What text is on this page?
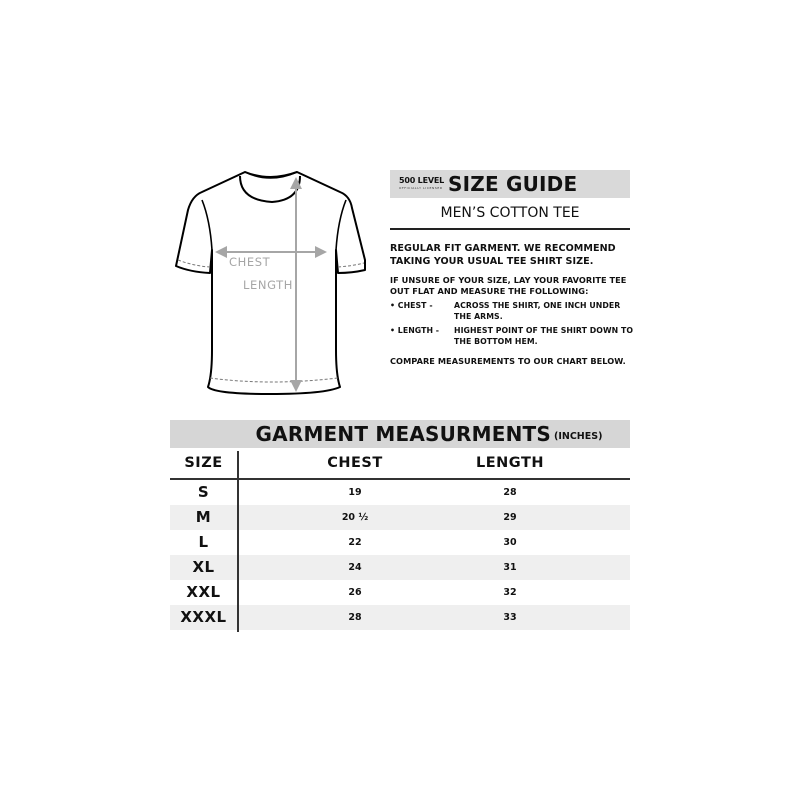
CHEST
LENGTH
500 LEVEL
OFFICIALLY LICENSED SIZE GUIDE
MEN’S COTTON TEE
REGULAR FIT GARMENT. WE RECOMMEND
TAKING YOUR USUAL TEE SHIRT SIZE.
IF UNSURE OF YOUR SIZE, LAY YOUR FAVORITE TEE
OUT FLAT AND MEASURE THE FOLLOWING:
• CHEST -	ACROSS THE SHIRT, ONE INCH UNDER
THE ARMS.
• LENGTH -	HIGHEST POINT OF THE SHIRT DOWN TO
THE BOTTOM HEM.
COMPARE MEASUREMENTS TO OUR CHART BELOW.
GARMENT MEASURMENTS (INCHES)
SIZE	CHEST	LENGTH
S	19	28
M	20 ½	29
L	22	30
XL	24	31
XXL	26	32
XXXL	28	33
